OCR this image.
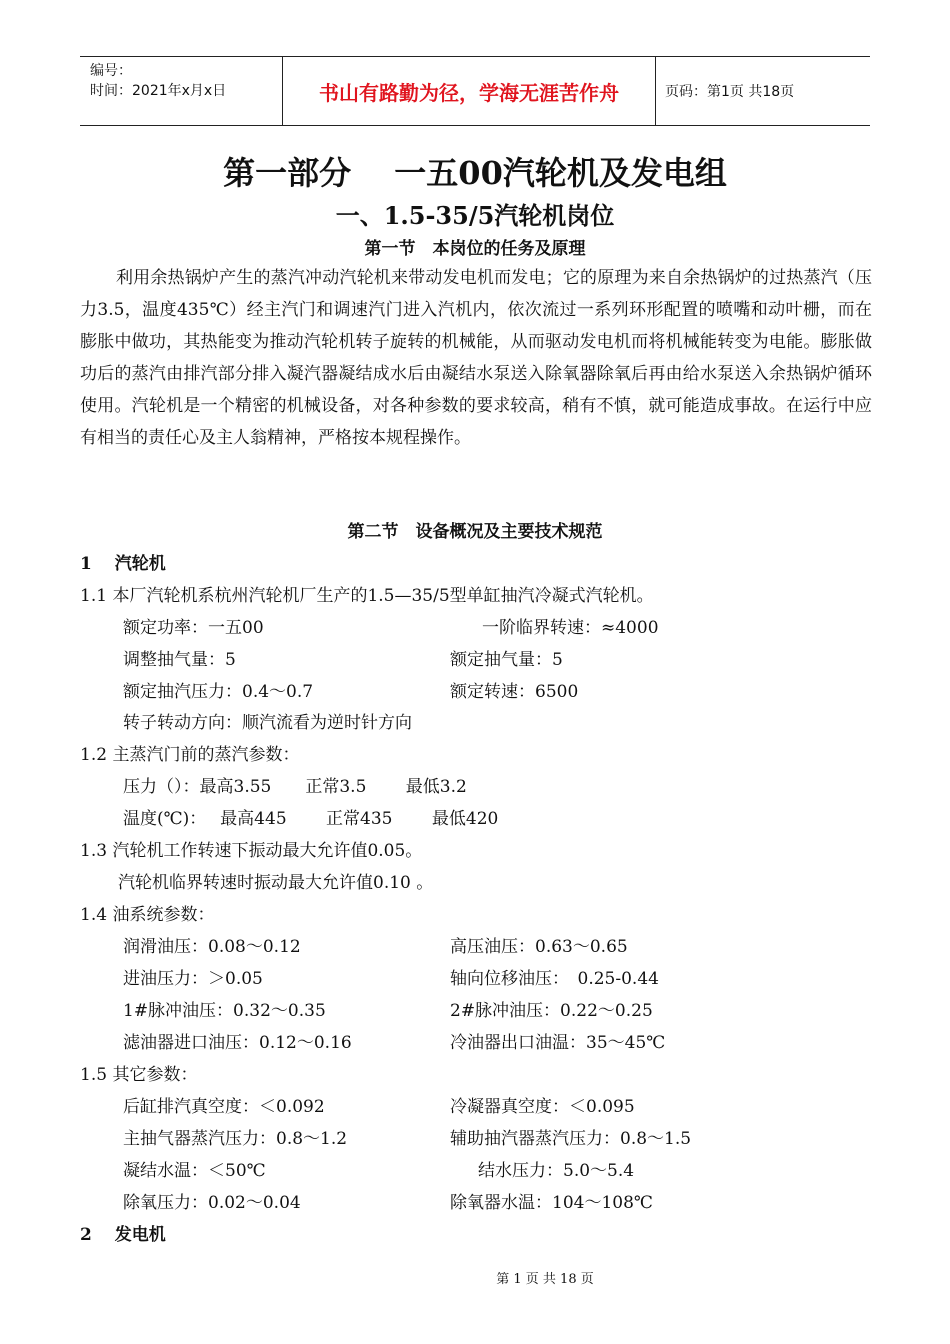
编号：
时间：2021年x月x日	书山有路勤为径，学海无涯苦作舟	页码：第1页 共18页
第一部分　 一五00汽轮机及发电组
一、1.5-35/5汽轮机岗位
第一节　本岗位的任务及原理
利用余热锅炉产生的蒸汽冲动汽轮机来带动发电机而发电；它的原理为来自余热锅炉的过热蒸汽（压力3.5，温度435℃）经主汽门和调速汽门进入汽机内，依次流过一系列环形配置的喷嘴和动叶栅，而在膨胀中做功，其热能变为推动汽轮机转子旋转的机械能，从而驱动发电机而将机械能转变为电能。膨胀做功后的蒸汽由排汽部分排入凝汽器凝结成水后由凝结水泵送入除氧器除氧后再由给水泵送入余热锅炉循环使用。汽轮机是一个精密的机械设备，对各种参数的要求较高，稍有不慎，就可能造成事故。在运行中应有相当的责任心及主人翁精神，严格按本规程操作。
第二节　设备概况及主要技术规范
1　 汽轮机
1.1 本厂汽轮机系杭州汽轮机厂生产的1.5—35/5型单缸抽汽冷凝式汽轮机。
额定功率：一五00	一阶临界转速：≈4000
调整抽气量：5	额定抽气量：5
额定抽汽压力：0.4～0.7	额定转速：6500
转子转动方向：顺汽流看为逆时针方向
1.2 主蒸汽门前的蒸汽参数：
压力（）：最高3.55　　正常3.5　　 最低3.2
温度(℃)：　 最高445　　 正常435　　 最低420
1.3 汽轮机工作转速下振动最大允许值0.05。
汽轮机临界转速时振动最大允许值0.10 。
1.4 油系统参数：
润滑油压：0.08～0.12	高压油压：0.63～0.65
进油压力：＞0.05	轴向位移油压：　0.25-0.44
1#脉冲油压：0.32～0.35	2#脉冲油压：0.22～0.25
滤油器进口油压：0.12～0.16	冷油器出口油温：35～45℃
1.5 其它参数：
后缸排汽真空度：＜0.092	冷凝器真空度：＜0.095
主抽气器蒸汽压力：0.8～1.2	辅助抽汽器蒸汽压力：0.8～1.5
凝结水温：＜50℃	结水压力：5.0～5.4
除氧压力：0.02～0.04	除氧器水温：104～108℃
2　 发电机
第 1 页 共 18 页
